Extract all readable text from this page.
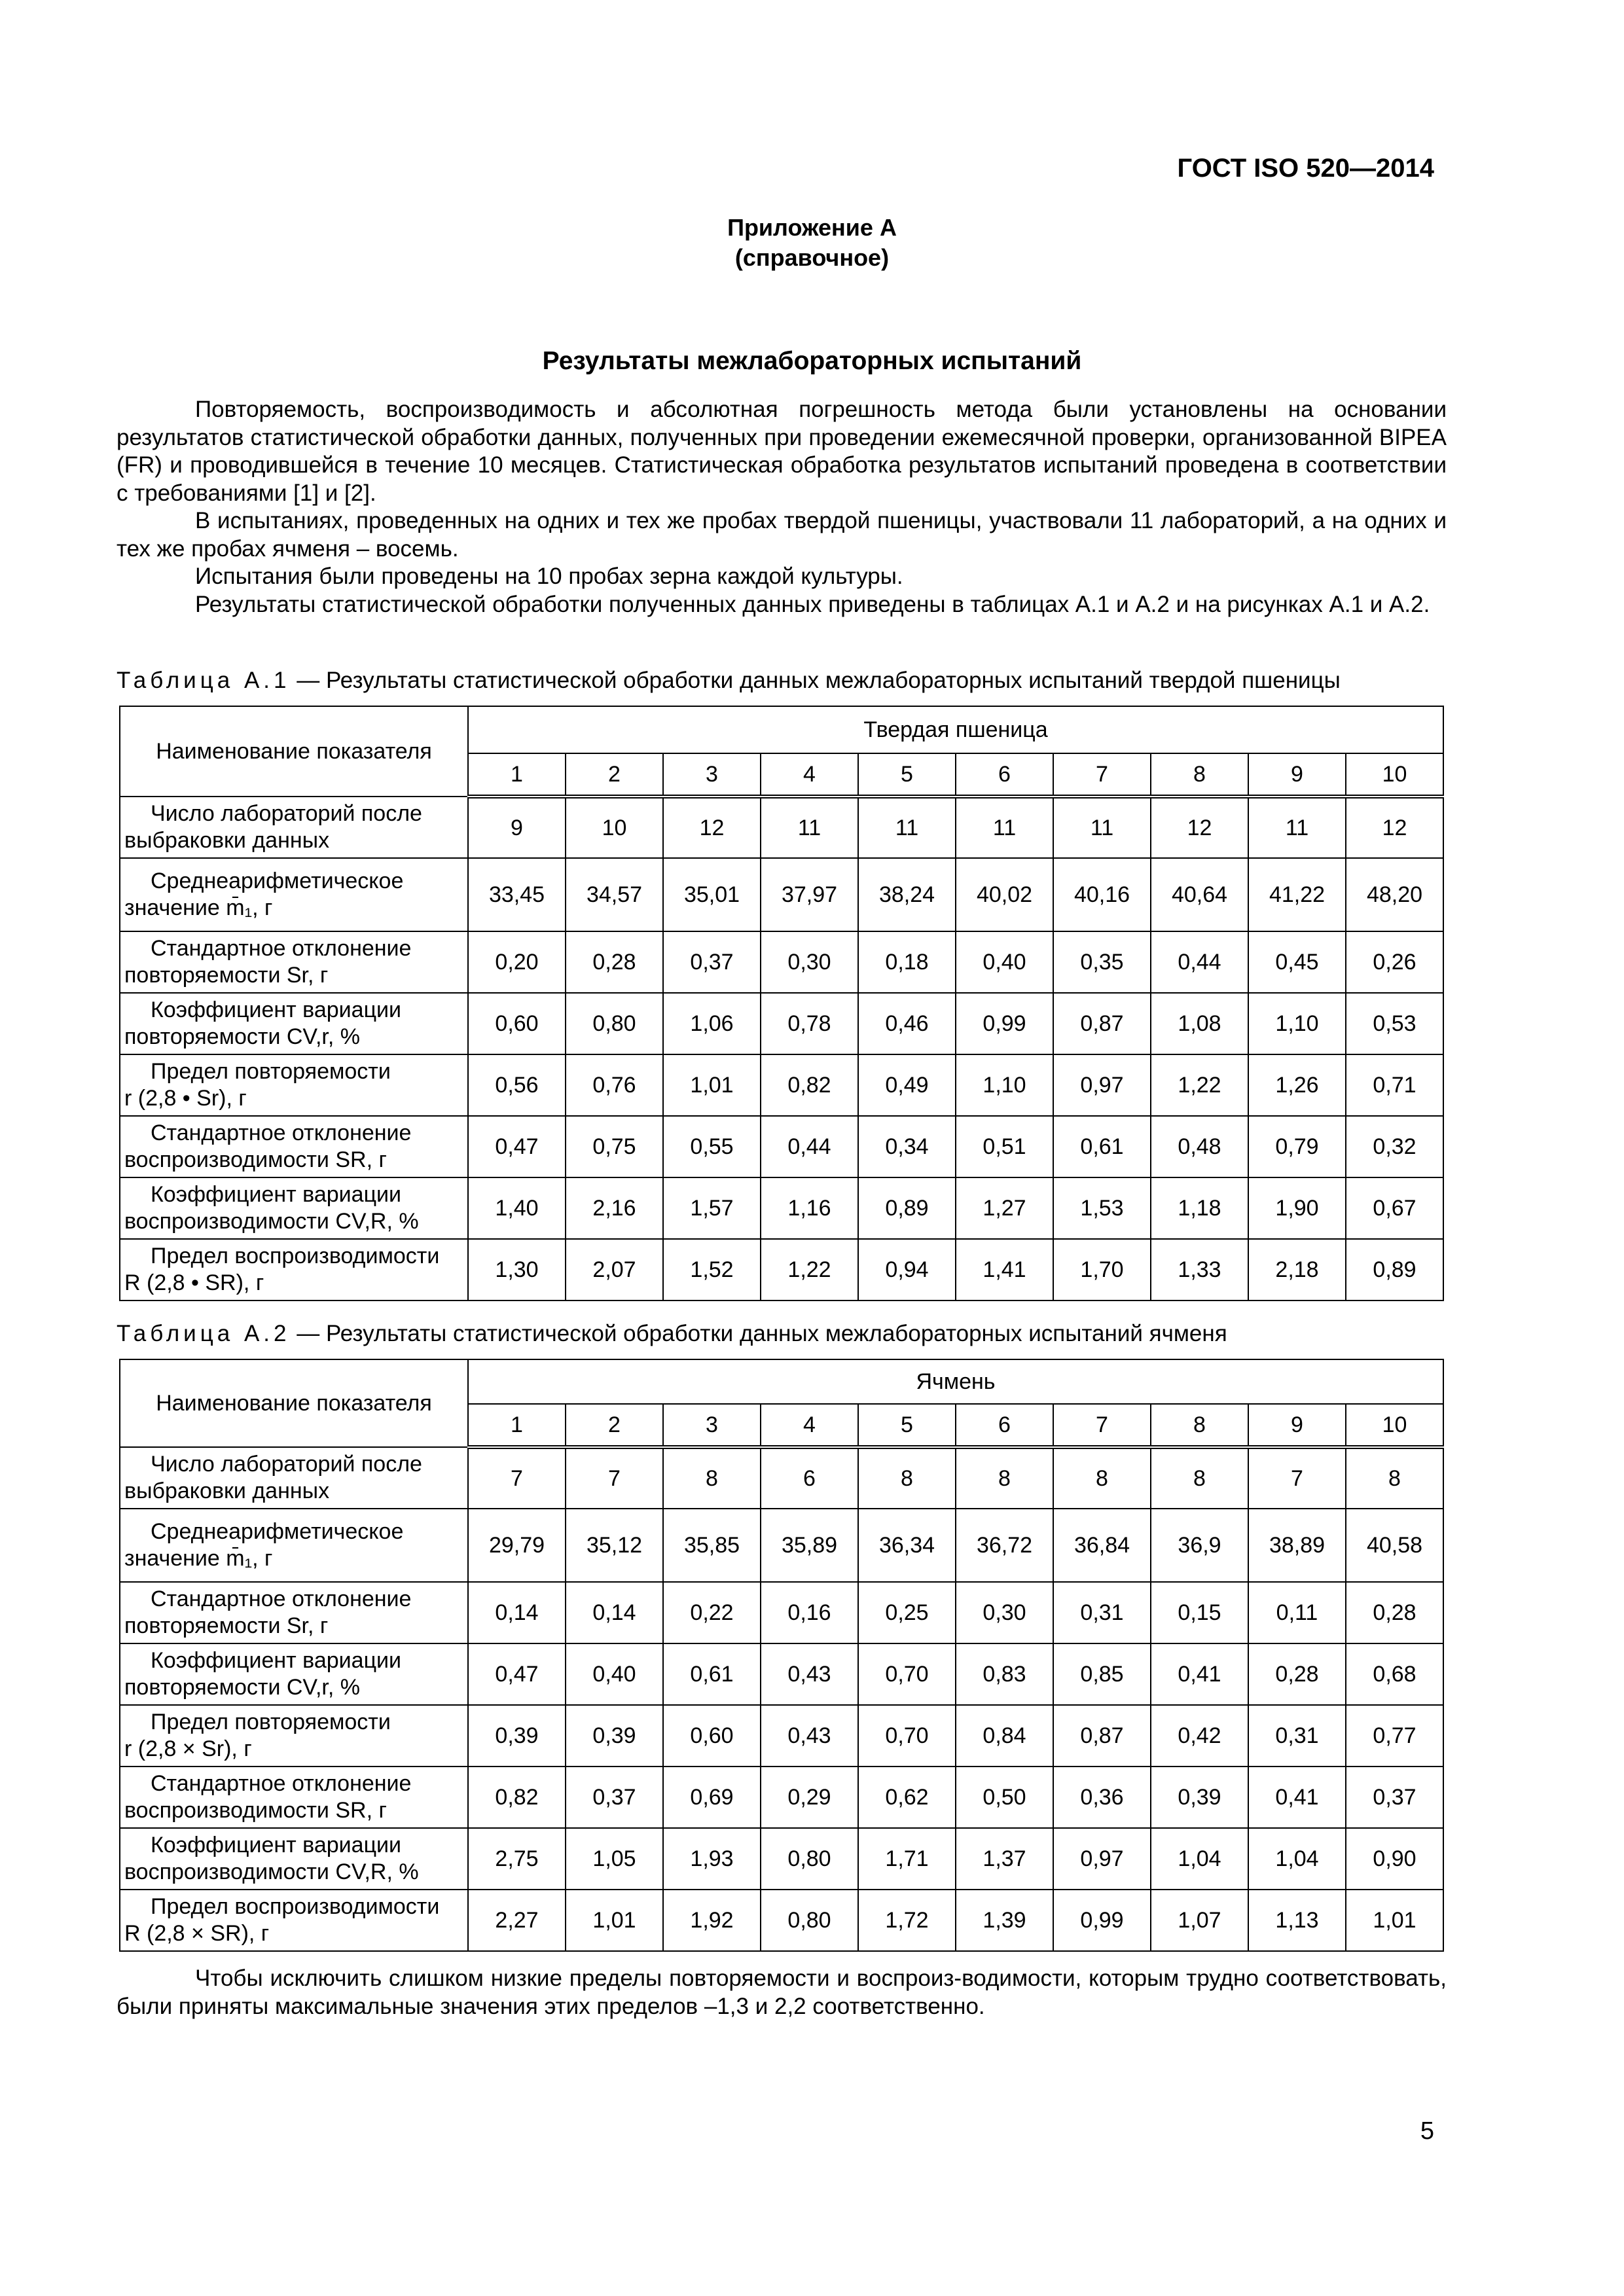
ГОСТ ISO 520—2014
Приложение А
(справочное)
Результаты межлабораторных испытаний

Повторяемость, воспроизводимость и абсолютная погрешность метода были установлены на основании результатов статистической обработки данных, полученных при проведении ежемесячной проверки, организованной BIPEA (FR) и проводившейся в течение 10 месяцев. Статистическая обработка результатов испытаний проведена в соответствии с требованиями [1] и [2].

В испытаниях, проведенных на одних и тех же пробах твердой пшеницы, участвовали 11 лабораторий, а на одних и тех же пробах ячменя – восемь.

Испытания были проведены на 10 пробах зерна каждой культуры.

Результаты статистической обработки полученных данных приведены в таблицах А.1 и А.2 и на рисунках А.1 и А.2.

Таблица А.1 — Результаты статистической обработки данных межлабораторных испытаний твердой пшеницы
Наименование показателя	Твердая пшеница									
	1	2	3	4	5	6	7	8	9	10

Число лабораторий после
выбраковки данных	9	10	12	11	11	11	11	12	11	12

Среднеарифметическое
значение m̄₁, г	33,45	34,57	35,01	37,97	38,24	40,02	40,16	40,64	41,22	48,20

Стандартное отклонение
повторяемости Sr, г	0,20	0,28	0,37	0,30	0,18	0,40	0,35	0,44	0,45	0,26

Коэффициент вариации
повторяемости CV,r, %	0,60	0,80	1,06	0,78	0,46	0,99	0,87	1,08	1,10	0,53

Предел повторяемости
r (2,8 • Sr), г	0,56	0,76	1,01	0,82	0,49	1,10	0,97	1,22	1,26	0,71

Стандартное отклонение
воспроизводимости SR, г	0,47	0,75	0,55	0,44	0,34	0,51	0,61	0,48	0,79	0,32

Коэффициент вариации
воспроизводимости CV,R, %	1,40	2,16	1,57	1,16	0,89	1,27	1,53	1,18	1,90	0,67

Предел воспроизводимости
R (2,8 • SR), г	1,30	2,07	1,52	1,22	0,94	1,41	1,70	1,33	2,18	0,89
Таблица А.2 — Результаты статистической обработки данных межлабораторных испытаний ячменя
Наименование показателя	Ячмень									
	1	2	3	4	5	6	7	8	9	10

Число лабораторий после
выбраковки данных	7	7	8	6	8	8	8	8	7	8

Среднеарифметическое
значение m̄₁, г	29,79	35,12	35,85	35,89	36,34	36,72	36,84	36,9	38,89	40,58

Стандартное отклонение
повторяемости Sr, г	0,14	0,14	0,22	0,16	0,25	0,30	0,31	0,15	0,11	0,28

Коэффициент вариации
повторяемости CV,r, %	0,47	0,40	0,61	0,43	0,70	0,83	0,85	0,41	0,28	0,68

Предел повторяемости
r (2,8 × Sr), г	0,39	0,39	0,60	0,43	0,70	0,84	0,87	0,42	0,31	0,77

Стандартное отклонение
воспроизводимости SR, г	0,82	0,37	0,69	0,29	0,62	0,50	0,36	0,39	0,41	0,37

Коэффициент вариации
воспроизводимости CV,R, %	2,75	1,05	1,93	0,80	1,71	1,37	0,97	1,04	1,04	0,90

Предел воспроизводимости
R (2,8 × SR), г	2,27	1,01	1,92	0,80	1,72	1,39	0,99	1,07	1,13	1,01

Чтобы исключить слишком низкие пределы повторяемости и воспроиз-водимости, которым трудно соответствовать, были приняты максимальные значения этих пределов –1,3 и 2,2 соответственно.

5
